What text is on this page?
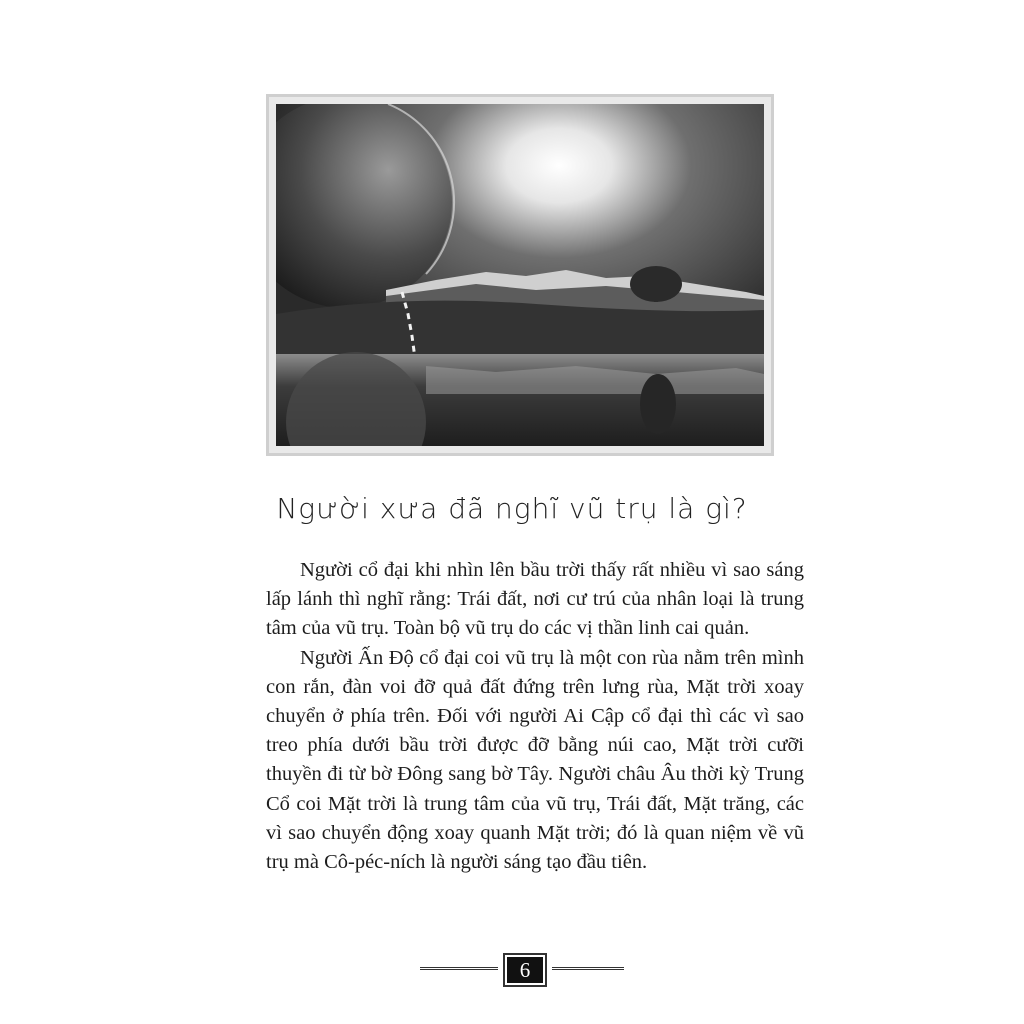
Người xưa đã nghĩ vũ trụ là gì?

Người cổ đại khi nhìn lên bầu trời thấy rất nhiều vì sao sáng lấp lánh thì nghĩ rằng: Trái đất, nơi cư trú của nhân loại là trung tâm của vũ trụ. Toàn bộ vũ trụ do các vị thần linh cai quản.

Người Ấn Độ cổ đại coi vũ trụ là một con rùa nằm trên mình con rắn, đàn voi đỡ quả đất đứng trên lưng rùa, Mặt trời xoay chuyển ở phía trên. Đối với người Ai Cập cổ đại thì các vì sao treo phía dưới bầu trời được đỡ bằng núi cao, Mặt trời cưỡi thuyền đi từ bờ Đông sang bờ Tây. Người châu Âu thời kỳ Trung Cổ coi Mặt trời là trung tâm của vũ trụ, Trái đất, Mặt trăng, các vì sao chuyển động xoay quanh Mặt trời; đó là quan niệm về vũ trụ mà Cô-péc-ních là người sáng tạo đầu tiên.

6
